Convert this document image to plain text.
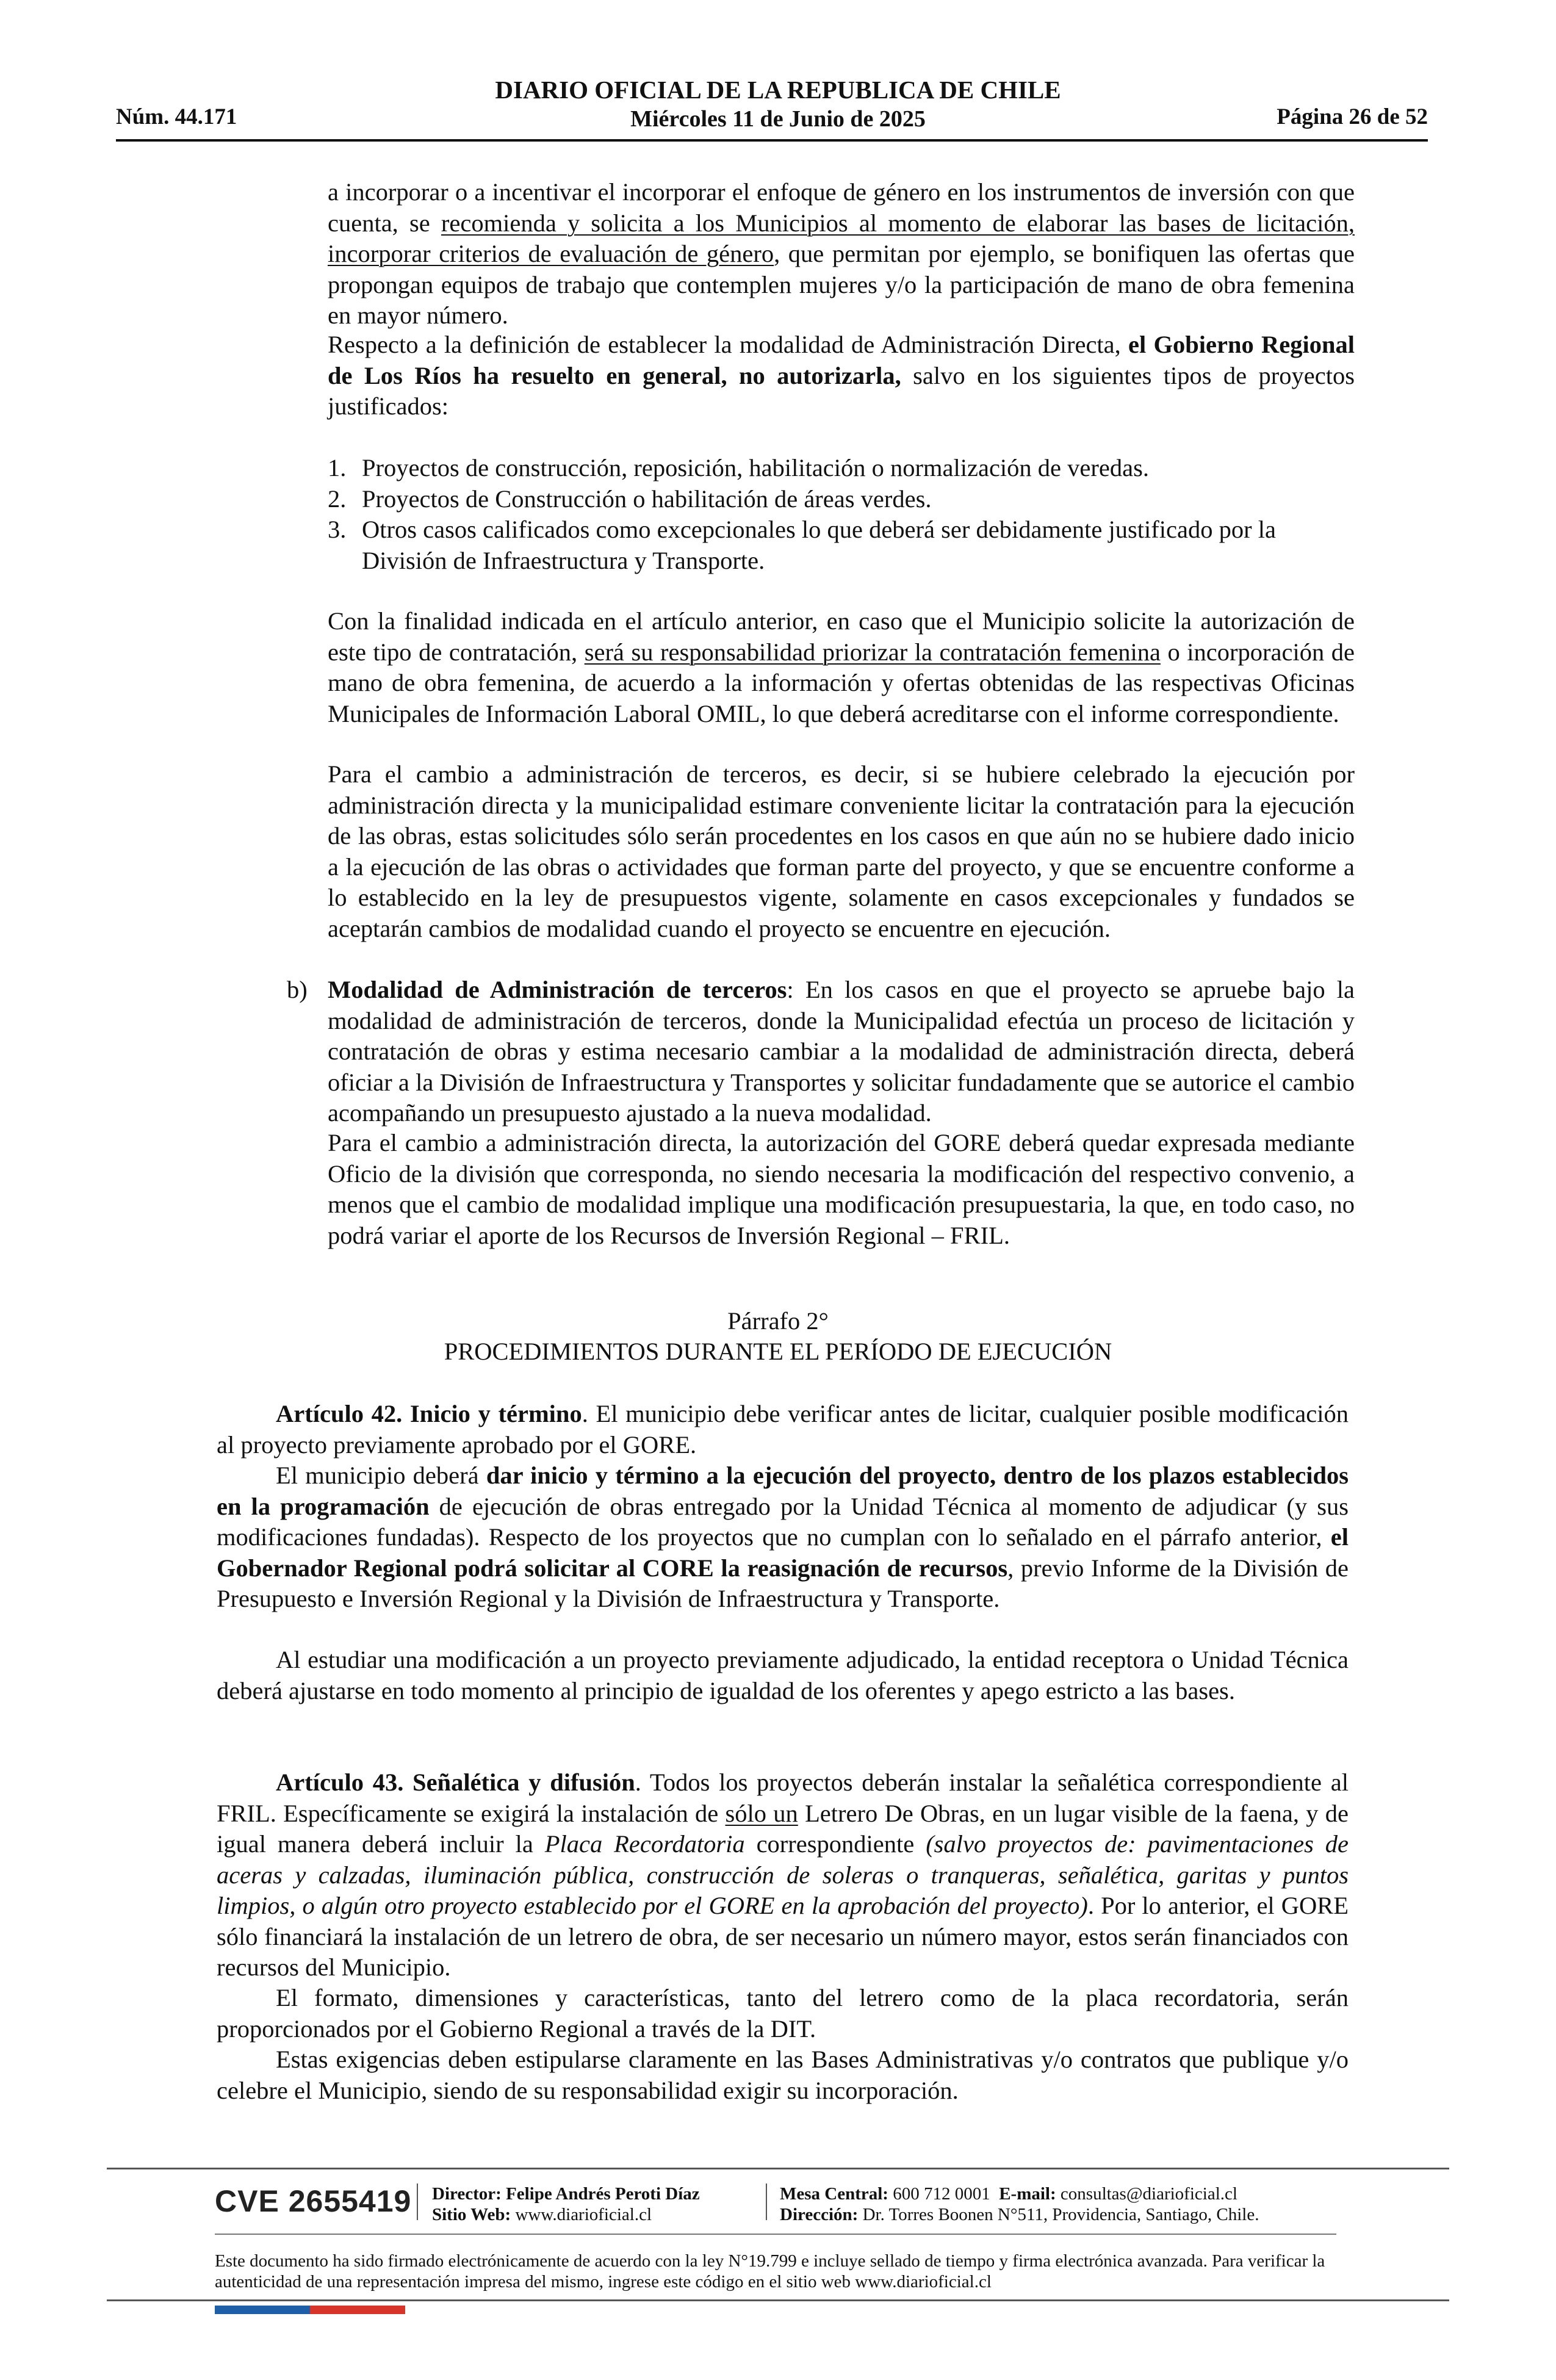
Núm. 44.171
DIARIO OFICIAL DE LA REPUBLICA DE CHILE
Miércoles 11 de Junio de 2025	Página 26 de 52
a incorporar o a incentivar el incorporar el enfoque de género en los instrumentos de inversión con que cuenta, se recomienda y solicita a los Municipios al momento de elaborar las bases de licitación, incorporar criterios de evaluación de género, que permitan por ejemplo, se bonifiquen las ofertas que propongan equipos de trabajo que contemplen mujeres y/o la participación de mano de obra femenina en mayor número.
Respecto a la definición de establecer la modalidad de Administración Directa, el Gobierno Regional de Los Ríos ha resuelto en general, no autorizarla, salvo en los siguientes tipos de proyectos justificados:
1. Proyectos de construcción, reposición, habilitación o normalización de veredas.
2. Proyectos de Construcción o habilitación de áreas verdes.
3. Otros casos calificados como excepcionales lo que deberá ser debidamente justificado por la División de Infraestructura y Transporte.
Con la finalidad indicada en el artículo anterior, en caso que el Municipio solicite la autorización de este tipo de contratación, será su responsabilidad priorizar la contratación femenina o incorporación de mano de obra femenina, de acuerdo a la información y ofertas obtenidas de las respectivas Oficinas Municipales de Información Laboral OMIL, lo que deberá acreditarse con el informe correspondiente.
Para el cambio a administración de terceros, es decir, si se hubiere celebrado la ejecución por administración directa y la municipalidad estimare conveniente licitar la contratación para la ejecución de las obras, estas solicitudes sólo serán procedentes en los casos en que aún no se hubiere dado inicio a la ejecución de las obras o actividades que forman parte del proyecto, y que se encuentre conforme a lo establecido en la ley de presupuestos vigente, solamente en casos excepcionales y fundados se aceptarán cambios de modalidad cuando el proyecto se encuentre en ejecución.
b) Modalidad de Administración de terceros: En los casos en que el proyecto se apruebe bajo la modalidad de administración de terceros, donde la Municipalidad efectúa un proceso de licitación y contratación de obras y estima necesario cambiar a la modalidad de administración directa, deberá oficiar a la División de Infraestructura y Transportes y solicitar fundadamente que se autorice el cambio acompañando un presupuesto ajustado a la nueva modalidad.
Para el cambio a administración directa, la autorización del GORE deberá quedar expresada mediante Oficio de la división que corresponda, no siendo necesaria la modificación del respectivo convenio, a menos que el cambio de modalidad implique una modificación presupuestaria, la que, en todo caso, no podrá variar el aporte de los Recursos de Inversión Regional – FRIL.
Párrafo 2°
PROCEDIMIENTOS DURANTE EL PERÍODO DE EJECUCIÓN
Artículo 42. Inicio y término. El municipio debe verificar antes de licitar, cualquier posible modificación al proyecto previamente aprobado por el GORE.
El municipio deberá dar inicio y término a la ejecución del proyecto, dentro de los plazos establecidos en la programación de ejecución de obras entregado por la Unidad Técnica al momento de adjudicar (y sus modificaciones fundadas). Respecto de los proyectos que no cumplan con lo señalado en el párrafo anterior, el Gobernador Regional podrá solicitar al CORE la reasignación de recursos, previo Informe de la División de Presupuesto e Inversión Regional y la División de Infraestructura y Transporte.
Al estudiar una modificación a un proyecto previamente adjudicado, la entidad receptora o Unidad Técnica deberá ajustarse en todo momento al principio de igualdad de los oferentes y apego estricto a las bases.
Artículo 43. Señalética y difusión. Todos los proyectos deberán instalar la señalética correspondiente al FRIL. Específicamente se exigirá la instalación de sólo un Letrero De Obras, en un lugar visible de la faena, y de igual manera deberá incluir la Placa Recordatoria correspondiente (salvo proyectos de: pavimentaciones de aceras y calzadas, iluminación pública, construcción de soleras o tranqueras, señalética, garitas y puntos limpios, o algún otro proyecto establecido por el GORE en la aprobación del proyecto). Por lo anterior, el GORE sólo financiará la instalación de un letrero de obra, de ser necesario un número mayor, estos serán financiados con recursos del Municipio.
El formato, dimensiones y características, tanto del letrero como de la placa recordatoria, serán proporcionados por el Gobierno Regional a través de la DIT.
Estas exigencias deben estipularse claramente en las Bases Administrativas y/o contratos que publique y/o celebre el Municipio, siendo de su responsabilidad exigir su incorporación.
CVE 2655419 Director: Felipe Andrés Peroti Díaz
Sitio Web: www.diarioficial.cl
Mesa Central: 600 712 0001 E-mail: consultas@diarioficial.cl
Dirección: Dr. Torres Boonen N°511, Providencia, Santiago, Chile.
Este documento ha sido firmado electrónicamente de acuerdo con la ley N°19.799 e incluye sellado de tiempo y firma electrónica avanzada. Para verificar la autenticidad de una representación impresa del mismo, ingrese este código en el sitio web www.diarioficial.cl
